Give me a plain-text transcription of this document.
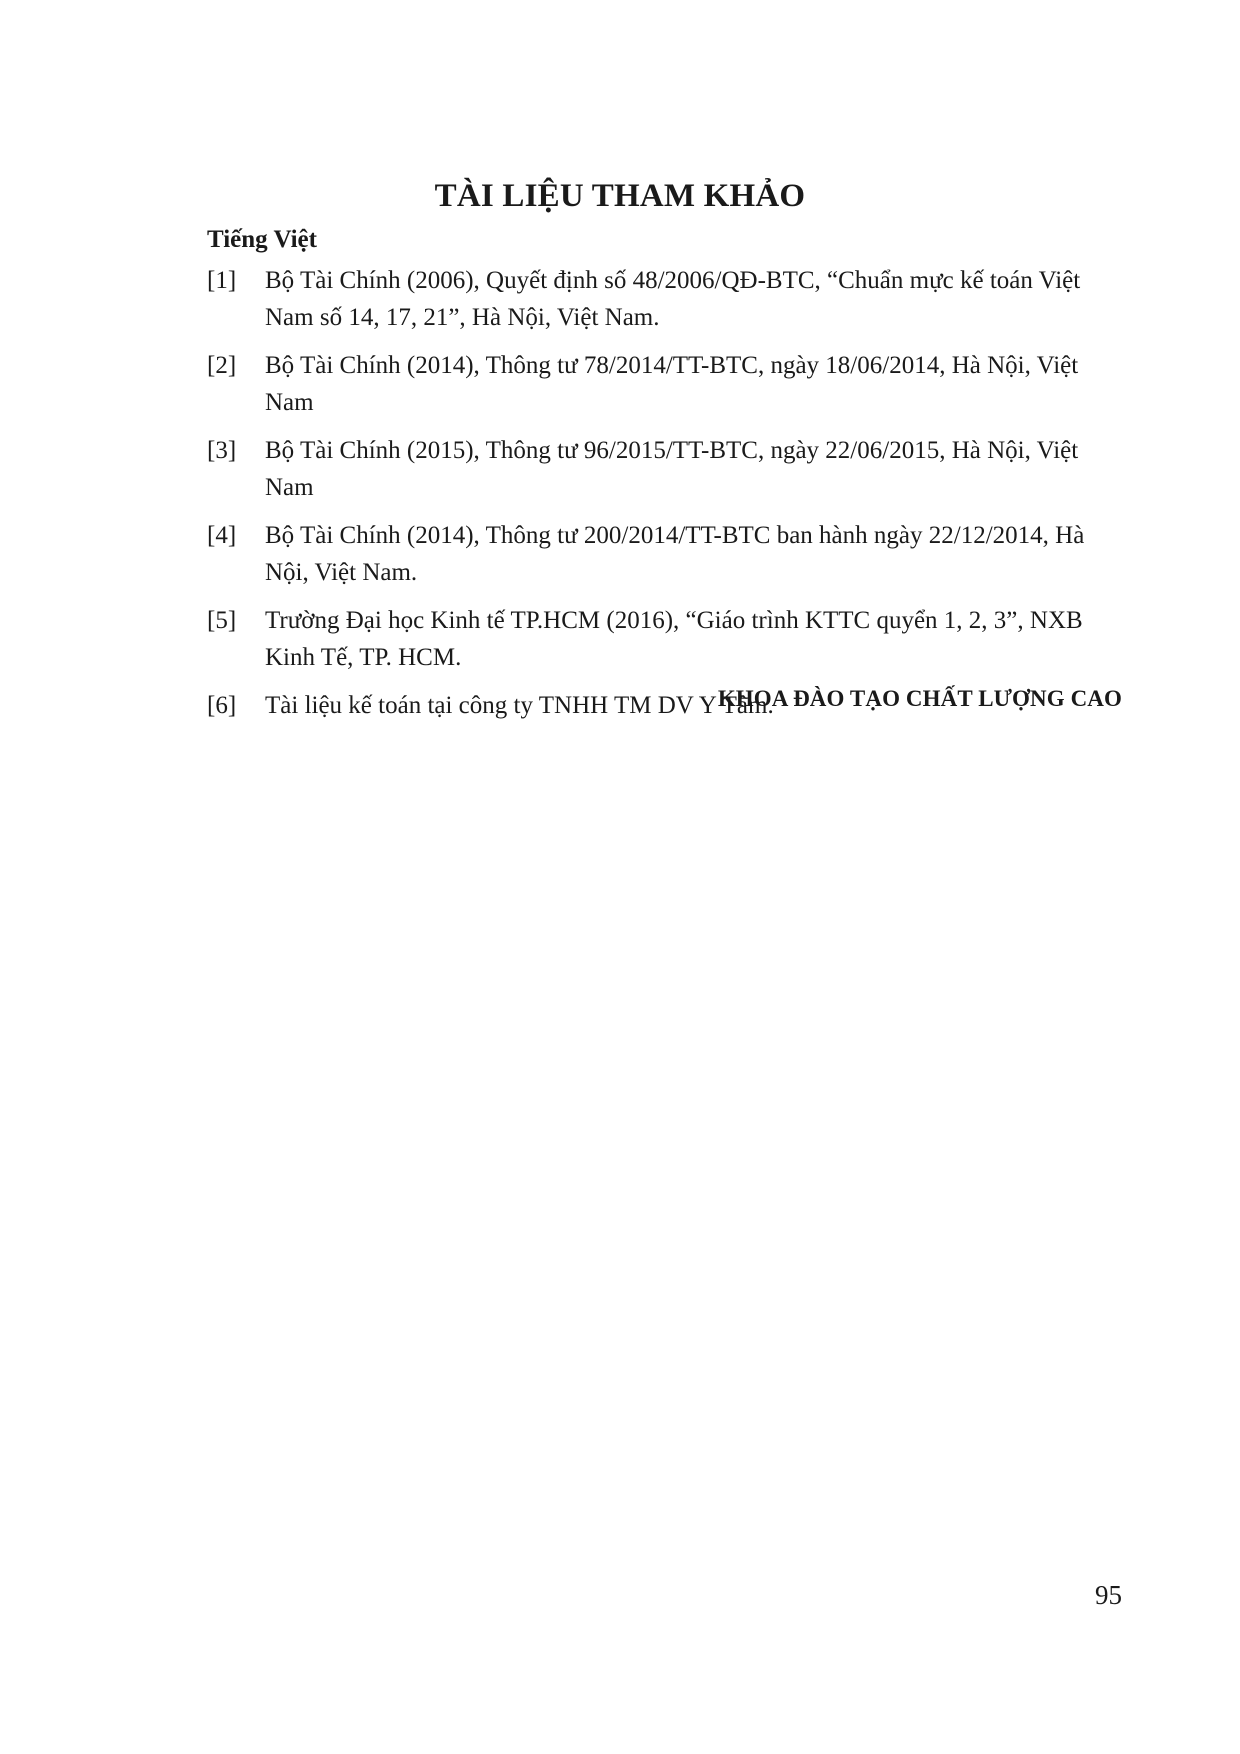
TÀI LIỆU THAM KHẢO
Tiếng Việt
[1]	Bộ Tài Chính (2006), Quyết định số 48/2006/QĐ-BTC, “Chuẩn mực kế toán Việt Nam số 14, 17, 21”, Hà Nội, Việt Nam.
[2]	Bộ Tài Chính (2014), Thông tư 78/2014/TT-BTC, ngày 18/06/2014, Hà Nội, Việt Nam
[3]	Bộ Tài Chính (2015), Thông tư 96/2015/TT-BTC, ngày 22/06/2015, Hà Nội, Việt Nam
[4]	Bộ Tài Chính (2014), Thông tư 200/2014/TT-BTC ban hành ngày 22/12/2014, Hà Nội, Việt Nam.
[5]	Trường Đại học Kinh tế TP.HCM (2016), “Giáo trình KTTC quyển 1, 2, 3”, NXB Kinh Tế, TP. HCM.
[6]	Tài liệu kế toán tại công ty TNHH TM DV Y Tâm.

KHOA ĐÀO TẠO CHẤT LƯỢNG CAO

95
